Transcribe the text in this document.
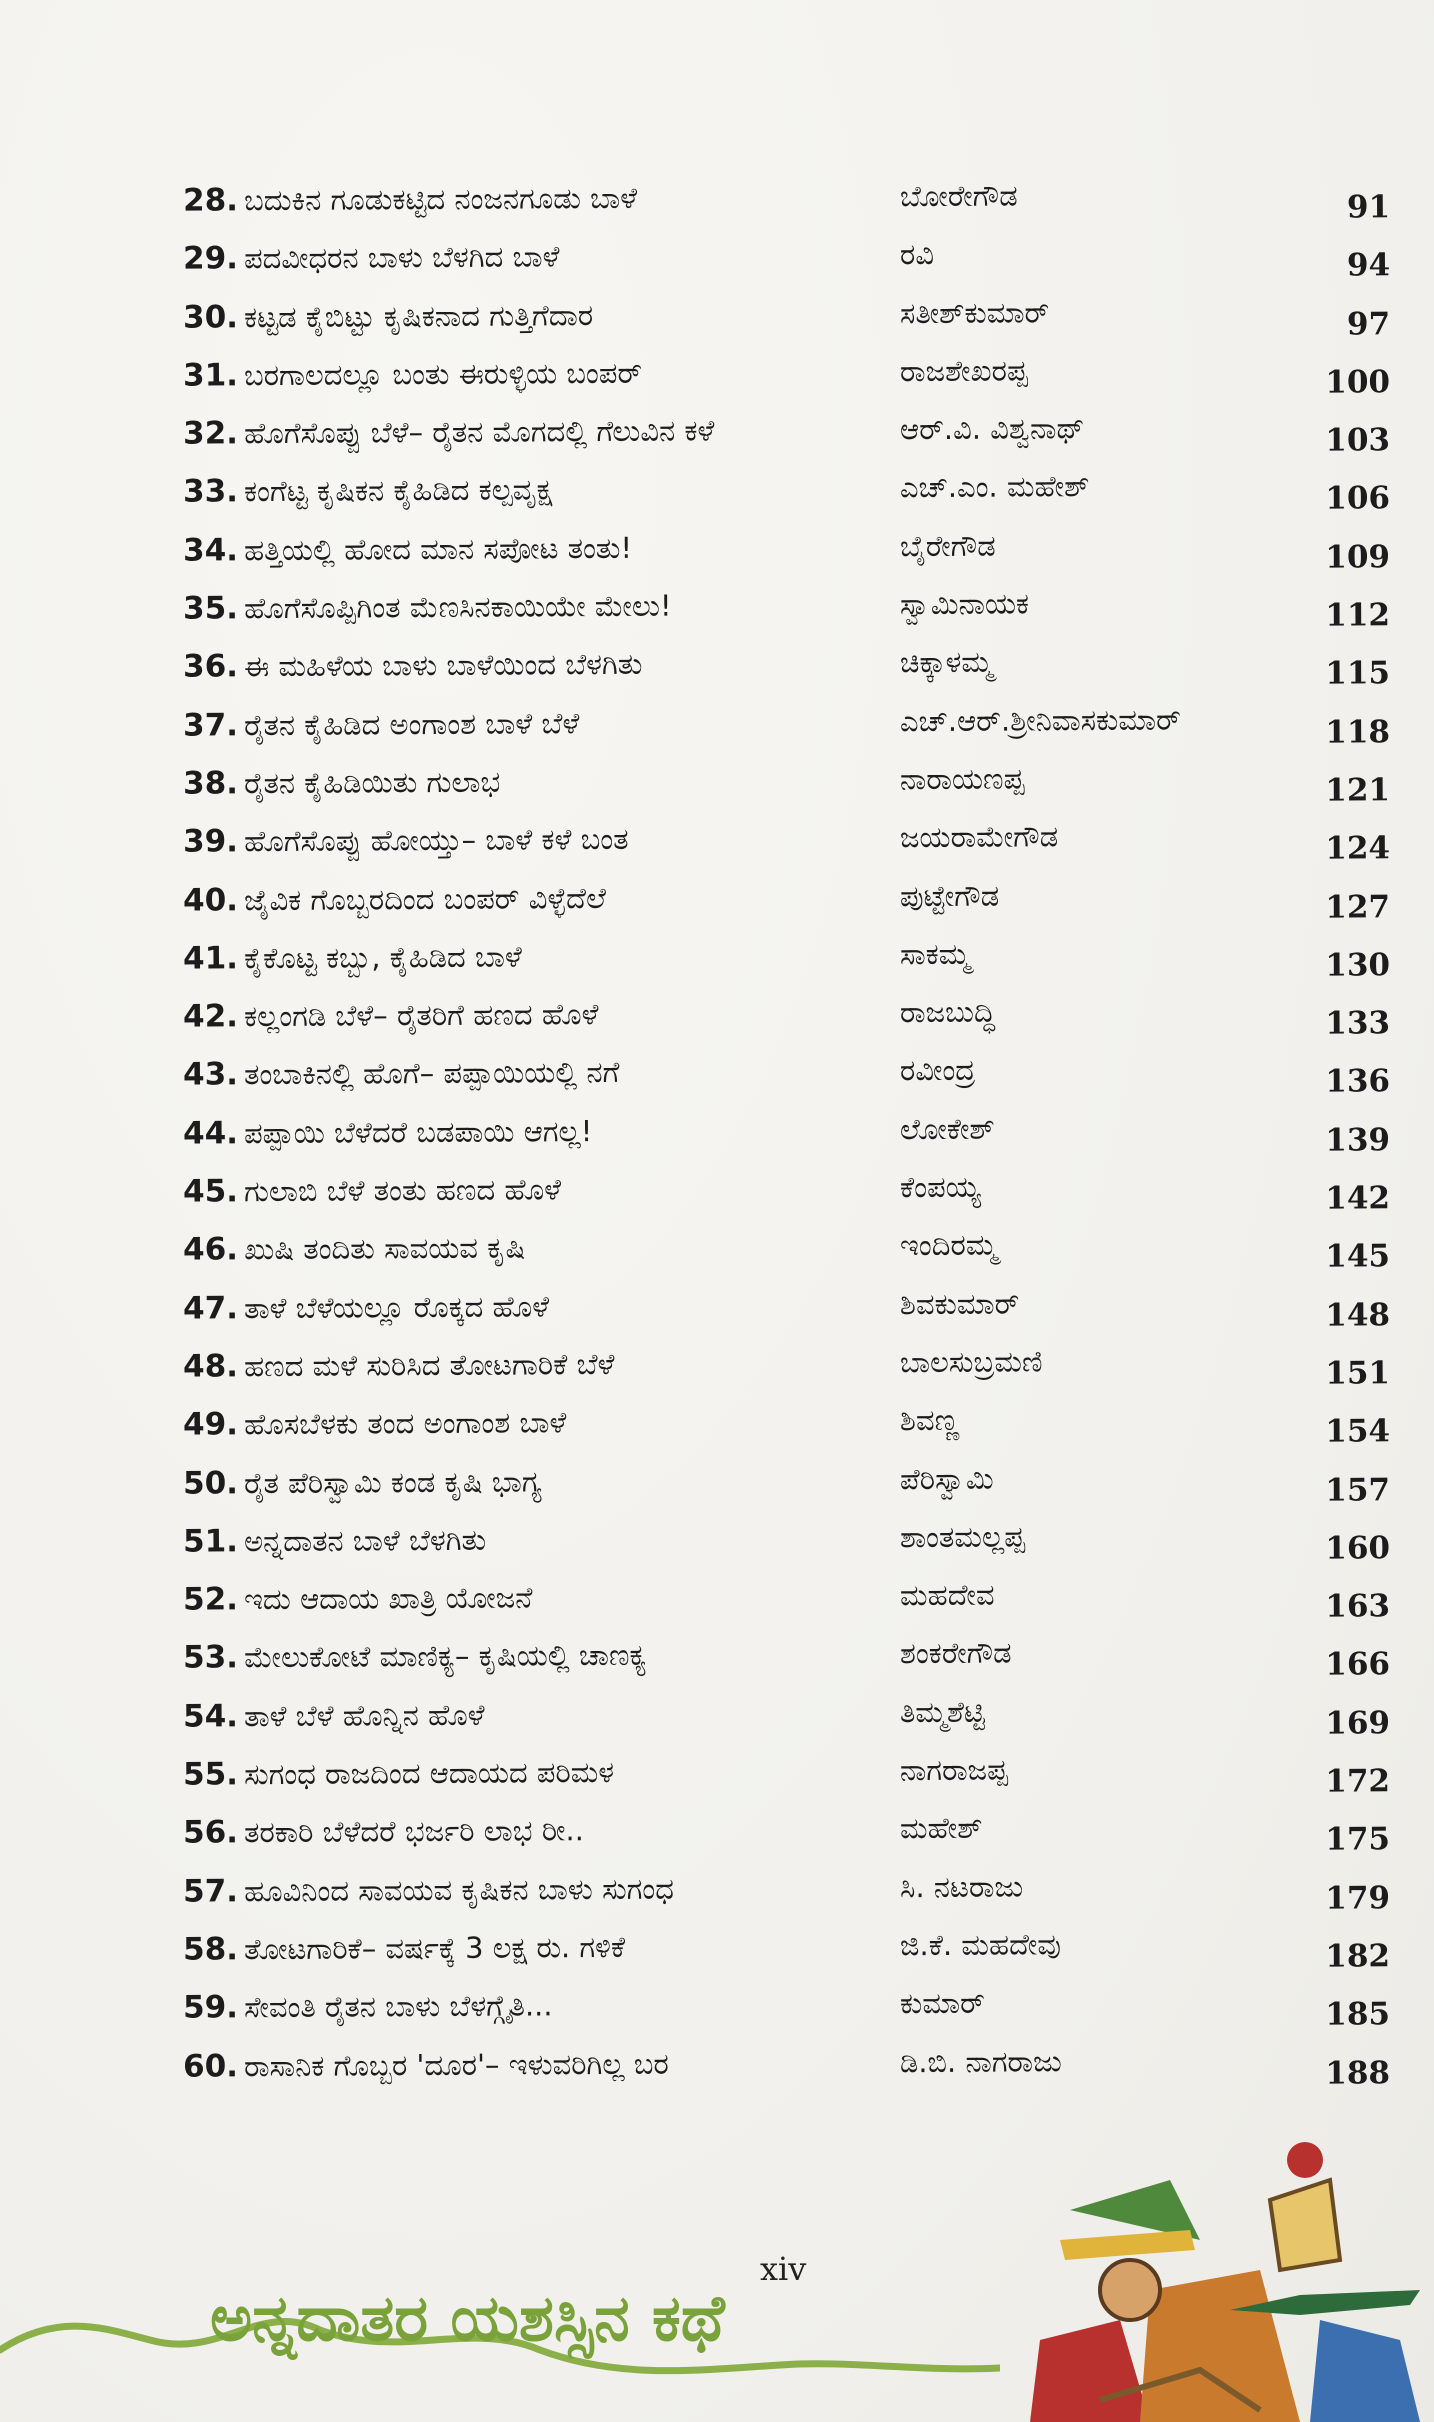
28. ಬದುಕಿನ ಗೂಡುಕಟ್ಟಿದ ನಂಜನಗೂಡು ಬಾಳೆ	ಬೋರೇಗೌಡ	91
29. ಪದವೀಧರನ ಬಾಳು ಬೆಳಗಿದ ಬಾಳೆ	ರವಿ	94
30. ಕಟ್ಟಡ ಕೈಬಿಟ್ಟು ಕೃಷಿಕನಾದ ಗುತ್ತಿಗೆದಾರ	ಸತೀಶ್‌ಕುಮಾರ್	97
31. ಬರಗಾಲದಲ್ಲೂ ಬಂತು ಈರುಳ್ಳಿಯ ಬಂಪರ್	ರಾಜಶೇಖರಪ್ಪ	100
32. ಹೊಗೆಸೊಪ್ಪು ಬೆಳೆ– ರೈತನ ಮೊಗದಲ್ಲಿ ಗೆಲುವಿನ ಕಳೆ	ಆರ್.ವಿ. ವಿಶ್ವನಾಥ್	103
33. ಕಂಗೆಟ್ಟ ಕೃಷಿಕನ ಕೈಹಿಡಿದ ಕಲ್ಪವೃಕ್ಷ	ಎಚ್.ಎಂ. ಮಹೇಶ್	106
34. ಹತ್ತಿಯಲ್ಲಿ ಹೋದ ಮಾನ ಸಪೋಟ ತಂತು!	ಬೈರೇಗೌಡ	109
35. ಹೊಗೆಸೊಪ್ಪಿಗಿಂತ ಮೆಣಸಿನಕಾಯಿಯೇ ಮೇಲು!	ಸ್ವಾಮಿನಾಯಕ	112
36. ಈ ಮಹಿಳೆಯ ಬಾಳು ಬಾಳೆಯಿಂದ ಬೆಳಗಿತು	ಚಿಕ್ಕಾಳಮ್ಮ	115
37. ರೈತನ ಕೈಹಿಡಿದ ಅಂಗಾಂಶ ಬಾಳೆ ಬೆಳೆ	ಎಚ್.ಆರ್.ಶ್ರೀನಿವಾಸಕುಮಾರ್	118
38. ರೈತನ ಕೈಹಿಡಿಯಿತು ಗುಲಾಭ	ನಾರಾಯಣಪ್ಪ	121
39. ಹೊಗೆಸೊಪ್ಪು ಹೋಯ್ತು– ಬಾಳೆ ಕಳೆ ಬಂತ	ಜಯರಾಮೇಗೌಡ	124
40. ಜೈವಿಕ ಗೊಬ್ಬರದಿಂದ ಬಂಪರ್ ವಿಳ್ಳೆದೆಲೆ	ಪುಟ್ಟೇಗೌಡ	127
41. ಕೈಕೊಟ್ಟ ಕಬ್ಬು, ಕೈಹಿಡಿದ ಬಾಳೆ	ಸಾಕಮ್ಮ	130
42. ಕಲ್ಲಂಗಡಿ ಬೆಳೆ– ರೈತರಿಗೆ ಹಣದ ಹೊಳೆ	ರಾಜಬುದ್ಧಿ	133
43. ತಂಬಾಕಿನಲ್ಲಿ ಹೊಗೆ– ಪಪ್ಪಾಯಿಯಲ್ಲಿ ನಗೆ	ರವೀಂದ್ರ	136
44. ಪಪ್ಪಾಯಿ ಬೆಳೆದರೆ ಬಡಪಾಯಿ ಆಗಲ್ಲ!	ಲೋಕೇಶ್	139
45. ಗುಲಾಬಿ ಬೆಳೆ ತಂತು ಹಣದ ಹೊಳೆ	ಕೆಂಪಯ್ಯ	142
46. ಖುಷಿ ತಂದಿತು ಸಾವಯವ ಕೃಷಿ	ಇಂದಿರಮ್ಮ	145
47. ತಾಳೆ ಬೆಳೆಯಲ್ಲೂ ರೊಕ್ಕದ ಹೊಳೆ	ಶಿವಕುಮಾರ್	148
48. ಹಣದ ಮಳೆ ಸುರಿಸಿದ ತೋಟಗಾರಿಕೆ ಬೆಳೆ	ಬಾಲಸುಬ್ರಮಣಿ	151
49. ಹೊಸಬೆಳಕು ತಂದ ಅಂಗಾಂಶ ಬಾಳೆ	ಶಿವಣ್ಣ	154
50. ರೈತ ಪೆರಿಸ್ವಾಮಿ ಕಂಡ ಕೃಷಿ ಭಾಗ್ಯ	ಪೆರಿಸ್ವಾಮಿ	157
51. ಅನ್ನದಾತನ ಬಾಳೆ ಬೆಳಗಿತು	ಶಾಂತಮಲ್ಲಪ್ಪ	160
52. ಇದು ಆದಾಯ ಖಾತ್ರಿ ಯೋಜನೆ	ಮಹದೇವ	163
53. ಮೇಲುಕೋಟೆ ಮಾಣಿಕ್ಯ– ಕೃಷಿಯಲ್ಲಿ ಚಾಣಕ್ಯ	ಶಂಕರೇಗೌಡ	166
54. ತಾಳೆ ಬೆಳೆ ಹೊನ್ನಿನ ಹೊಳೆ	ತಿಮ್ಮಶೆಟ್ಟಿ	169
55. ಸುಗಂಧ ರಾಜದಿಂದ ಆದಾಯದ ಪರಿಮಳ	ನಾಗರಾಜಪ್ಪ	172
56. ತರಕಾರಿ ಬೆಳೆದರೆ ಭರ್ಜರಿ ಲಾಭ ರೀ..	ಮಹೇಶ್	175
57. ಹೂವಿನಿಂದ ಸಾವಯವ ಕೃಷಿಕನ ಬಾಳು ಸುಗಂಧ	ಸಿ. ನಟರಾಜು	179
58. ತೋಟಗಾರಿಕೆ– ವರ್ಷಕ್ಕೆ 3 ಲಕ್ಷ ರು. ಗಳಿಕೆ	ಜಿ.ಕೆ. ಮಹದೇವು	182
59. ಸೇವಂತಿ ರೈತನ ಬಾಳು ಬೆಳಗ್ಗೈತಿ...	ಕುಮಾರ್	185
60. ರಾಸಾನಿಕ ಗೊಬ್ಬರ 'ದೂರ'– ಇಳುವರಿಗಿಲ್ಲ ಬರ	ಡಿ.ಬಿ. ನಾಗರಾಜು	188
xiv
ಅನ್ನದಾತರ ಯಶಸ್ಸಿನ ಕಥೆ
